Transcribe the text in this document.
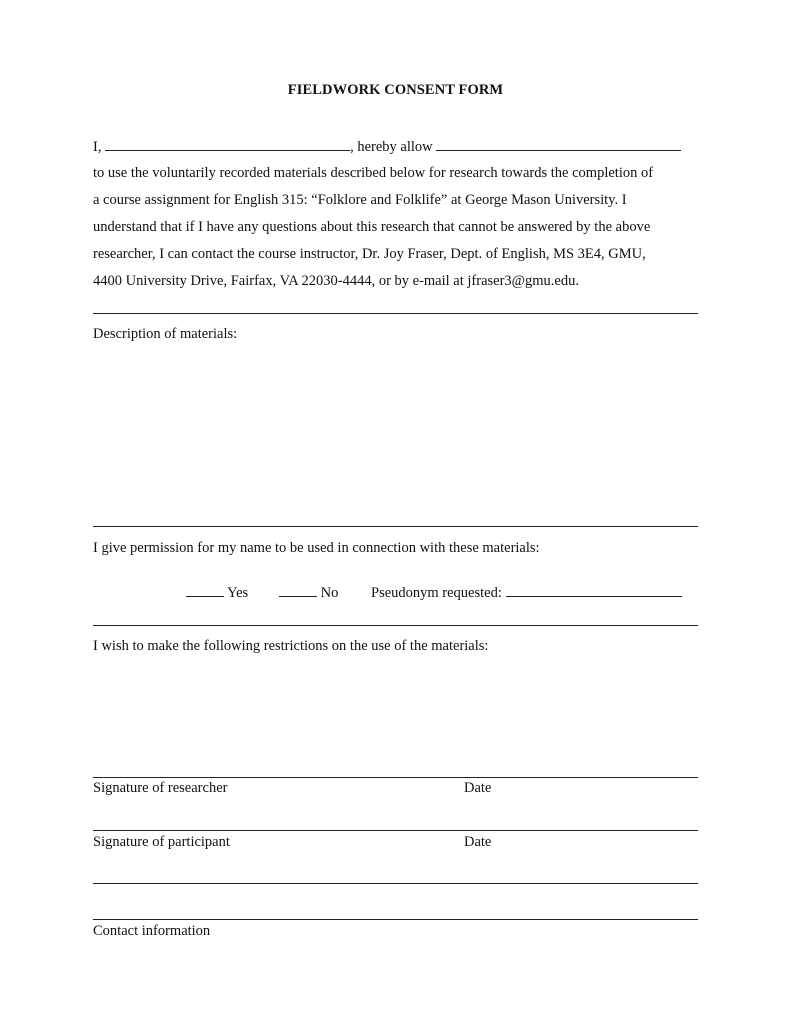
FIELDWORK CONSENT FORM
I,	, hereby allow
to use the voluntarily recorded materials described below for research towards the completion of
a course assignment for English 315: “Folklore and Folklife” at George Mason University. I
understand that if I have any questions about this research that cannot be answered by the above
researcher, I can contact the course instructor, Dr. Joy Fraser, Dept. of English, MS 3E4, GMU,
4400 University Drive, Fairfax, VA 22030-4444, or by e-mail at jfraser3@gmu.edu.
Description of materials:
I give permission for my name to be used in connection with these materials:
Yes	No Pseudonym requested:
I wish to make the following restrictions on the use of the materials:
Signature of researcher	Date
Signature of participant	Date
Contact information
